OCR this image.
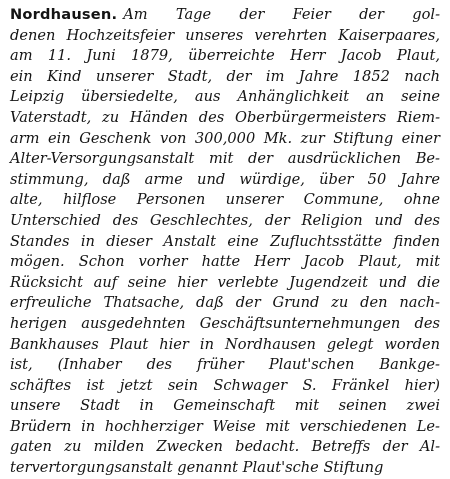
Nordhausen. Am Tage der Feier der gol-
denen Hochzeitsfeier unseres verehrten Kaiserpaares,
am 11. Juni 1879, überreichte Herr Jacob Plaut,
ein Kind unserer Stadt, der im Jahre 1852 nach
Leipzig übersiedelte, aus Anhänglichkeit an seine
Vaterstadt, zu Händen des Oberbürgermeisters Riem-
arm ein Geschenk von 300,000 Mk. zur Stiftung einer
Alter-Versorgungsanstalt mit der ausdrücklichen Be-
stimmung, daß arme und würdige, über 50 Jahre
alte, hilflose Personen unserer Commune, ohne
Unterschied des Geschlechtes, der Religion und des
Standes in dieser Anstalt eine Zufluchtsstätte finden
mögen. Schon vorher hatte Herr Jacob Plaut, mit
Rücksicht auf seine hier verlebte Jugendzeit und die
erfreuliche Thatsache, daß der Grund zu den nach-
herigen ausgedehnten Geschäftsunternehmungen des
Bankhauses Plaut hier in Nordhausen gelegt worden
ist, (Inhaber des früher Plaut'schen Bankge-
schäftes ist jetzt sein Schwager S. Fränkel hier)
unsere Stadt in Gemeinschaft mit seinen zwei
Brüdern in hochherziger Weise mit verschiedenen Le-
gaten zu milden Zwecken bedacht. Betreffs der Al-
tervertorgungsanstalt genannt Plaut'sche Stiftung
